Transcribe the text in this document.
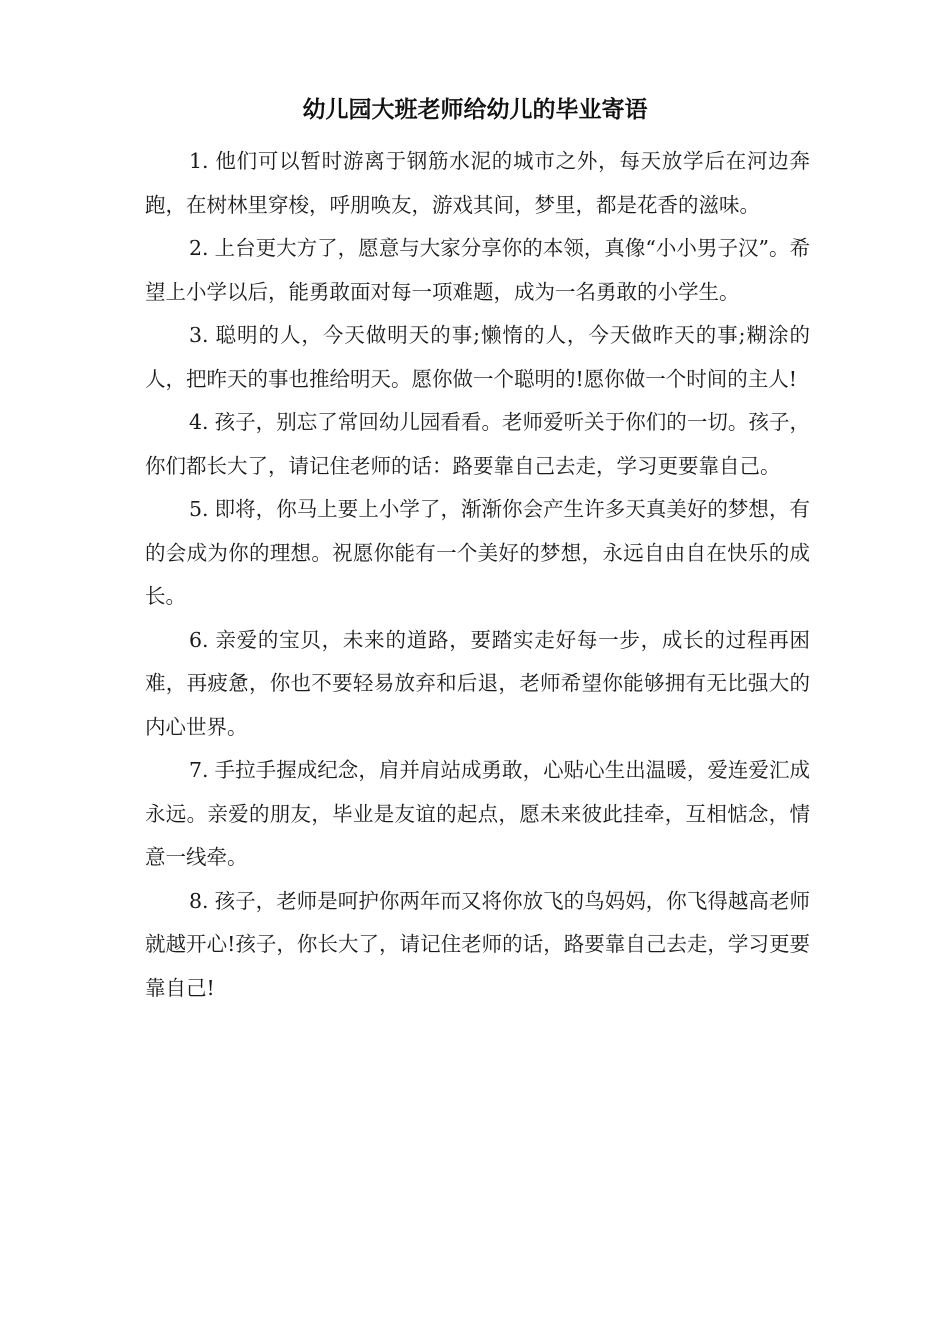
幼儿园大班老师给幼儿的毕业寄语

1. 他们可以暂时游离于钢筋水泥的城市之外，每天放学后在河边奔跑，在树林里穿梭，呼朋唤友，游戏其间，梦里，都是花香的滋味。

2. 上台更大方了，愿意与大家分享你的本领，真像“小小男子汉”。希望上小学以后，能勇敢面对每一项难题，成为一名勇敢的小学生。

3. 聪明的人，今天做明天的事;懒惰的人，今天做昨天的事;糊涂的人，把昨天的事也推给明天。愿你做一个聪明的!愿你做一个时间的主人!

4. 孩子，别忘了常回幼儿园看看。老师爱听关于你们的一切。孩子，你们都长大了，请记住老师的话：路要靠自己去走，学习更要靠自己。

5. 即将，你马上要上小学了，渐渐你会产生许多天真美好的梦想，有的会成为你的理想。祝愿你能有一个美好的梦想，永远自由自在快乐的成长。

6. 亲爱的宝贝，未来的道路，要踏实走好每一步，成长的过程再困难，再疲惫，你也不要轻易放弃和后退，老师希望你能够拥有无比强大的内心世界。

7. 手拉手握成纪念，肩并肩站成勇敢，心贴心生出温暖，爱连爱汇成永远。亲爱的朋友，毕业是友谊的起点，愿未来彼此挂牵，互相惦念，情意一线牵。

8. 孩子，老师是呵护你两年而又将你放飞的鸟妈妈，你飞得越高老师就越开心!孩子，你长大了，请记住老师的话，路要靠自己去走，学习更要靠自己!
